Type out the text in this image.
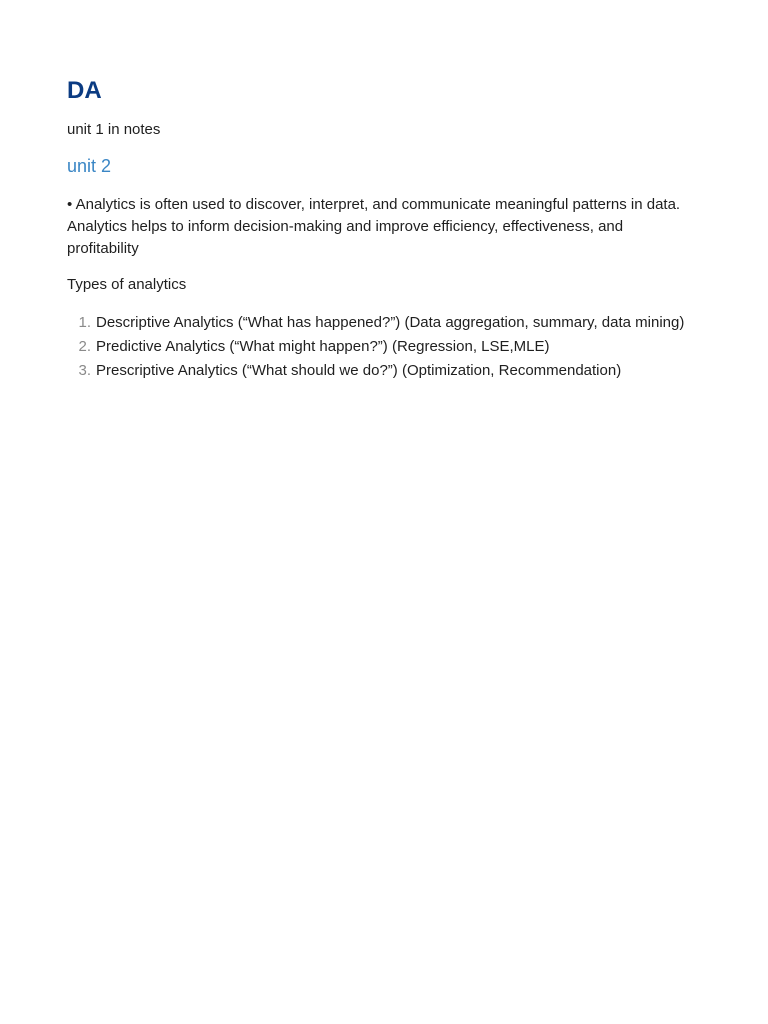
DA

unit 1 in notes

unit 2

• Analytics is often used to discover, interpret, and communicate meaningful patterns in data. Analytics helps to inform decision-making and improve efficiency, effectiveness, and profitability

Types of analytics

1. Descriptive Analytics (“What has happened?”) (Data aggregation, summary, data mining)
2. Predictive Analytics (“What might happen?”) (Regression, LSE,MLE)
3. Prescriptive Analytics (“What should we do?”) (Optimization, Recommendation)
